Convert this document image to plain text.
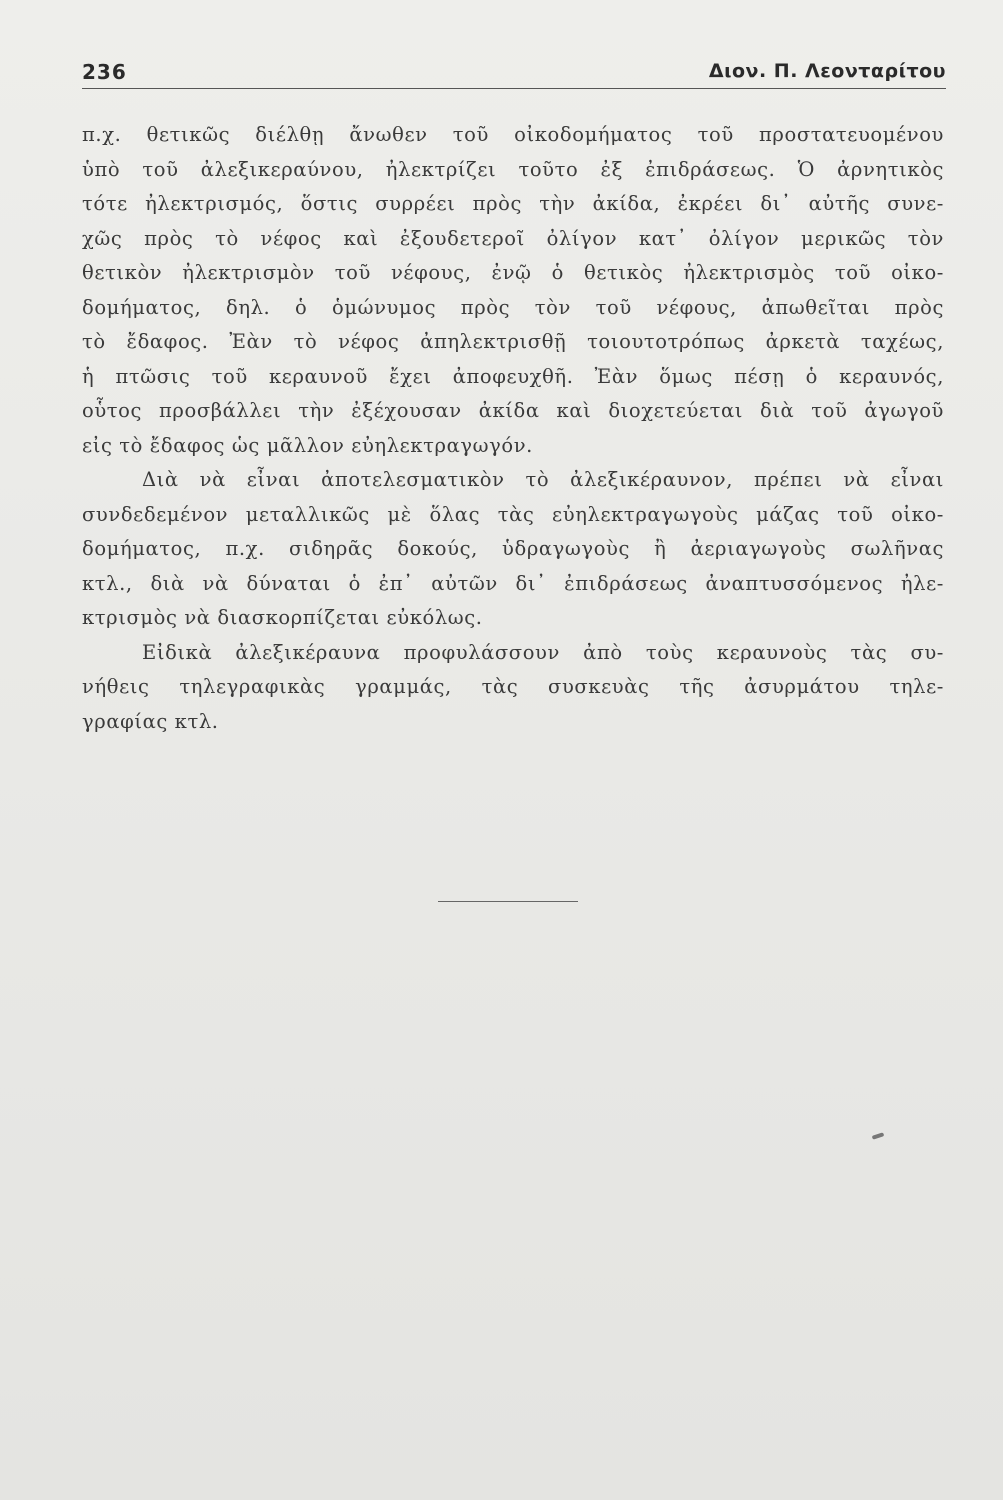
236	Διον. Π. Λεονταρίτου
π.χ. θετικῶς διέλθῃ ἄνωθεν τοῦ οἰκοδομήματος τοῦ προστατευομένου
ὑπὸ τοῦ ἀλεξικεραύνου, ἠλεκτρίζει τοῦτο ἐξ ἐπιδράσεως. Ὁ ἀρνητικὸς
τότε ἠλεκτρισμός, ὅστις συρρέει πρὸς τὴν ἀκίδα, ἐκρέει δι᾽ αὐτῆς συνε-
χῶς πρὸς τὸ νέφος καὶ ἐξουδετεροῖ ὀλίγον κατ᾽ ὀλίγον μερικῶς τὸν
θετικὸν ἠλεκτρισμὸν τοῦ νέφους, ἐνῷ ὁ θετικὸς ἠλεκτρισμὸς τοῦ οἰκο-
δομήματος, δηλ. ὁ ὁμώνυμος πρὸς τὸν τοῦ νέφους, ἀπωθεῖται πρὸς
τὸ ἔδαφος. Ἐὰν τὸ νέφος ἀπηλεκτρισθῇ τοιουτοτρόπως ἀρκετὰ ταχέως,
ἡ πτῶσις τοῦ κεραυνοῦ ἔχει ἀποφευχθῆ. Ἐὰν ὅμως πέσῃ ὁ κεραυνός,
οὗτος προσβάλλει τὴν ἐξέχουσαν ἀκίδα καὶ διοχετεύεται διὰ τοῦ ἀγωγοῦ
εἰς τὸ ἔδαφος ὡς μᾶλλον εὐηλεκτραγωγόν.
Διὰ νὰ εἶναι ἀποτελεσματικὸν τὸ ἀλεξικέραυνον, πρέπει νὰ εἶναι
συνδεδεμένον μεταλλικῶς μὲ ὅλας τὰς εὐηλεκτραγωγοὺς μάζας τοῦ οἰκο-
δομήματος, π.χ. σιδηρᾶς δοκούς, ὑδραγωγοὺς ἢ ἀεριαγωγοὺς σωλῆνας
κτλ., διὰ νὰ δύναται ὁ ἐπ᾽ αὐτῶν δι᾽ ἐπιδράσεως ἀναπτυσσόμενος ἠλε-
κτρισμὸς νὰ διασκορπίζεται εὐκόλως.
Εἰδικὰ ἀλεξικέραυνα προφυλάσσουν ἀπὸ τοὺς κεραυνοὺς τὰς συ-
νήθεις τηλεγραφικὰς γραμμάς, τὰς συσκευὰς τῆς ἀσυρμάτου τηλε-
γραφίας κτλ.
